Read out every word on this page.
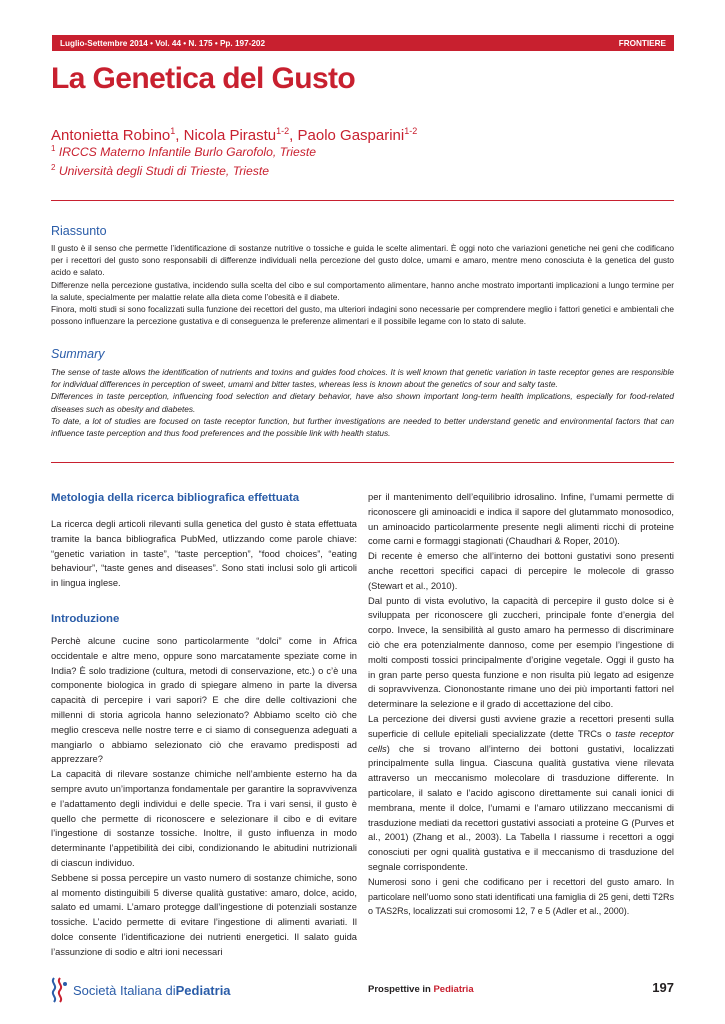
Luglio-Settembre 2014 • Vol. 44 • N. 175 • Pp. 197-202	FRONTIERE
La Genetica del Gusto
Antonietta Robino$^1$, Nicola Pirastu$^{1-2}$, Paolo Gasparini$^{1-2}$
$^1$ IRCCS Materno Infantile Burlo Garofolo, Trieste
$^2$ Università degli Studi di Trieste, Trieste
Riassunto

Il gusto è il senso che permette l’identificazione di sostanze nutritive o tossiche e guida le scelte alimentari. È oggi noto che variazioni genetiche nei geni che codificano per i recettori del gusto sono responsabili di differenze individuali nella percezione del gusto dolce, umami e amaro, mentre meno conosciuta è la genetica del gusto acido e salato.

Differenze nella percezione gustativa, incidendo sulla scelta del cibo e sul comportamento alimentare, hanno anche mostrato importanti implicazioni a lungo termine per la salute, specialmente per malattie relate alla dieta come l’obesità e il diabete.

Finora, molti studi si sono focalizzati sulla funzione dei recettori del gusto, ma ulteriori indagini sono necessarie per comprendere meglio i fattori genetici e ambientali che possono influenzare la percezione gustativa e di conseguenza le preferenze alimentari e il possibile legame con lo stato di salute.

Summary

The sense of taste allows the identification of nutrients and toxins and guides food choices. It is well known that genetic variation in taste receptor genes are responsible for individual differences in perception of sweet, umami and bitter tastes, whereas less is known about the genetics of sour and salty taste.

Differences in taste perception, influencing food selection and dietary behavior, have also shown important long-term health implications, especially for food-related diseases such as obesity and diabetes.

To date, a lot of studies are focused on taste receptor function, but further investigations are needed to better understand genetic and environmental factors that can influence taste perception and thus food preferences and the possible link with health status.

Metologia della ricerca bibliografica effettuata

La ricerca degli articoli rilevanti sulla genetica del gusto è stata effettuata tramite la banca bibliografica PubMed, utlizzando come parole chiave: “genetic variation in taste”, “taste perception”, “food choices”, “eating behaviour”, “taste genes and diseases”. Sono stati inclusi solo gli articoli in lingua inglese.

Introduzione

Perchè alcune cucine sono particolarmente “dolci” come in Africa occidentale e altre meno, oppure sono marcatamente speziate come in India? È solo tradizione (cultura, metodi di conservazione, etc.) o c’è una componente biologica in grado di spiegare almeno in parte la diversa capacità di percepire i vari sapori? E che dire delle coltivazioni che millenni di storia agricola hanno selezionato? Abbiamo scelto ciò che meglio cresceva nelle nostre terre e ci siamo di conseguenza adeguati a mangiarlo o abbiamo selezionato ciò che eravamo predisposti ad apprezzare?

La capacità di rilevare sostanze chimiche nell’ambiente esterno ha da sempre avuto un’importanza fondamentale per garantire la sopravvivenza e l’adattamento degli individui e delle specie. Tra i vari sensi, il gusto è quello che permette di riconoscere e selezionare il cibo e di evitare l’ingestione di sostanze tossiche. Inoltre, il gusto influenza in modo determinante l’appetibilità dei cibi, condizionando le abitudini nutrizionali di ciascun individuo.

Sebbene si possa percepire un vasto numero di sostanze chimiche, sono al momento distinguibili 5 diverse qualità gustative: amaro, dolce, acido, salato ed umami. L’amaro protegge dall’ingestione di potenziali sostanze tossiche. L’acido permette di evitare l’ingestione di alimenti avariati. Il dolce consente l’identificazione dei nutrienti energetici. Il salato guida l’assunzione di sodio e altri ioni necessari

per il mantenimento dell’equilibrio idrosalino. Infine, l’umami permette di riconoscere gli aminoacidi e indica il sapore del glutammato monosodico, un aminoacido particolarmente presente negli alimenti ricchi di proteine come carni e formaggi stagionati (Chaudhari & Roper, 2010).

Di recente è emerso che all’interno dei bottoni gustativi sono presenti anche recettori specifici capaci di percepire le molecole di grasso (Stewart et al., 2010).

Dal punto di vista evolutivo, la capacità di percepire il gusto dolce si è sviluppata per riconoscere gli zuccheri, principale fonte d’energia del corpo. Invece, la sensibilità al gusto amaro ha permesso di discriminare ciò che era potenzialmente dannoso, come per esempio l’ingestione di molti composti tossici principalmente d’origine vegetale. Oggi il gusto ha in gran parte perso questa funzione e non risulta più legato ad esigenze di sopravvivenza. Ciononostante rimane uno dei più importanti fattori nel determinare la selezione e il grado di accettazione del cibo.

La percezione dei diversi gusti avviene grazie a recettori presenti sulla superficie di cellule epiteliali specializzate (dette TRCs o taste receptor cells) che si trovano all’interno dei bottoni gustativi, localizzati principalmente sulla lingua. Ciascuna qualità gustativa viene rilevata attraverso un meccanismo molecolare di trasduzione differente. In particolare, il salato e l’acido agiscono direttamente sui canali ionici di membrana, mente il dolce, l’umami e l’amaro utilizzano meccanismi di trasduzione mediati da recettori gustativi associati a proteine G (Purves et al., 2001) (Zhang et al., 2003). La Tabella I riassume i recettori a oggi conosciuti per ogni qualità gustativa e il meccanismo di trasduzione del segnale corrispondente.

Numerosi sono i geni che codificano per i recettori del gusto amaro. In particolare nell’uomo sono stati identificati una famiglia di 25 geni, detti T2Rs o TAS2Rs, localizzati sui cromosomi 12, 7 e 5 (Adler et al., 2000).

Società Italiana di Pediatria	Prospettive in Pediatria	197
